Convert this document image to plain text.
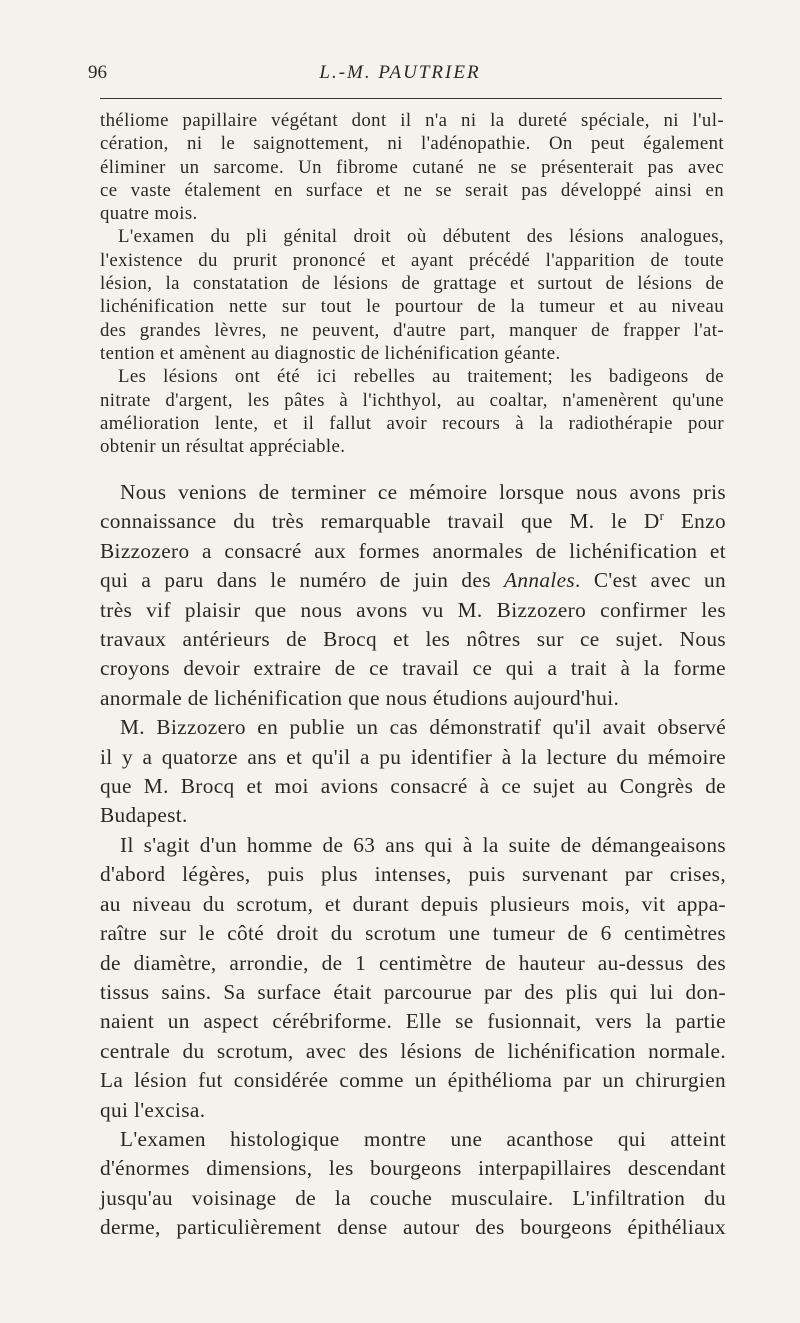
96	L.-M. PAUTRIER
théliome papillaire végétant dont il n'a ni la dureté spéciale, ni l'ul-
cération, ni le saignottement, ni l'adénopathie. On peut également
éliminer un sarcome. Un fibrome cutané ne se présenterait pas avec
ce vaste étalement en surface et ne se serait pas développé ainsi en
quatre mois.
L'examen du pli génital droit où débutent des lésions analogues,
l'existence du prurit prononcé et ayant précédé l'apparition de toute
lésion, la constatation de lésions de grattage et surtout de lésions de
lichénification nette sur tout le pourtour de la tumeur et au niveau
des grandes lèvres, ne peuvent, d'autre part, manquer de frapper l'at-
tention et amènent au diagnostic de lichénification géante.
Les lésions ont été ici rebelles au traitement; les badigeons de
nitrate d'argent, les pâtes à l'ichthyol, au coaltar, n'amenèrent qu'une
amélioration lente, et il fallut avoir recours à la radiothérapie pour
obtenir un résultat appréciable.
Nous venions de terminer ce mémoire lorsque nous avons pris
connaissance du très remarquable travail que M. le $D^r$ Enzo
Bizzozero a consacré aux formes anormales de lichénification et
qui a paru dans le numéro de juin des Annales. C'est avec un
très vif plaisir que nous avons vu M. Bizzozero confirmer les
travaux antérieurs de Brocq et les nôtres sur ce sujet. Nous
croyons devoir extraire de ce travail ce qui a trait à la forme
anormale de lichénification que nous étudions aujourd'hui.
M. Bizzozero en publie un cas démonstratif qu'il avait observé
il y a quatorze ans et qu'il a pu identifier à la lecture du mémoire
que M. Brocq et moi avions consacré à ce sujet au Congrès de
Budapest.
Il s'agit d'un homme de 63 ans qui à la suite de démangeaisons
d'abord légères, puis plus intenses, puis survenant par crises,
au niveau du scrotum, et durant depuis plusieurs mois, vit appa-
raître sur le côté droit du scrotum une tumeur de 6 centimètres
de diamètre, arrondie, de 1 centimètre de hauteur au-dessus des
tissus sains. Sa surface était parcourue par des plis qui lui don-
naient un aspect cérébriforme. Elle se fusionnait, vers la partie
centrale du scrotum, avec des lésions de lichénification normale.
La lésion fut considérée comme un épithélioma par un chirurgien
qui l'excisa.
L'examen histologique montre une acanthose qui atteint
d'énormes dimensions, les bourgeons interpapillaires descendant
jusqu'au voisinage de la couche musculaire. L'infiltration du
derme, particulièrement dense autour des bourgeons épithéliaux
